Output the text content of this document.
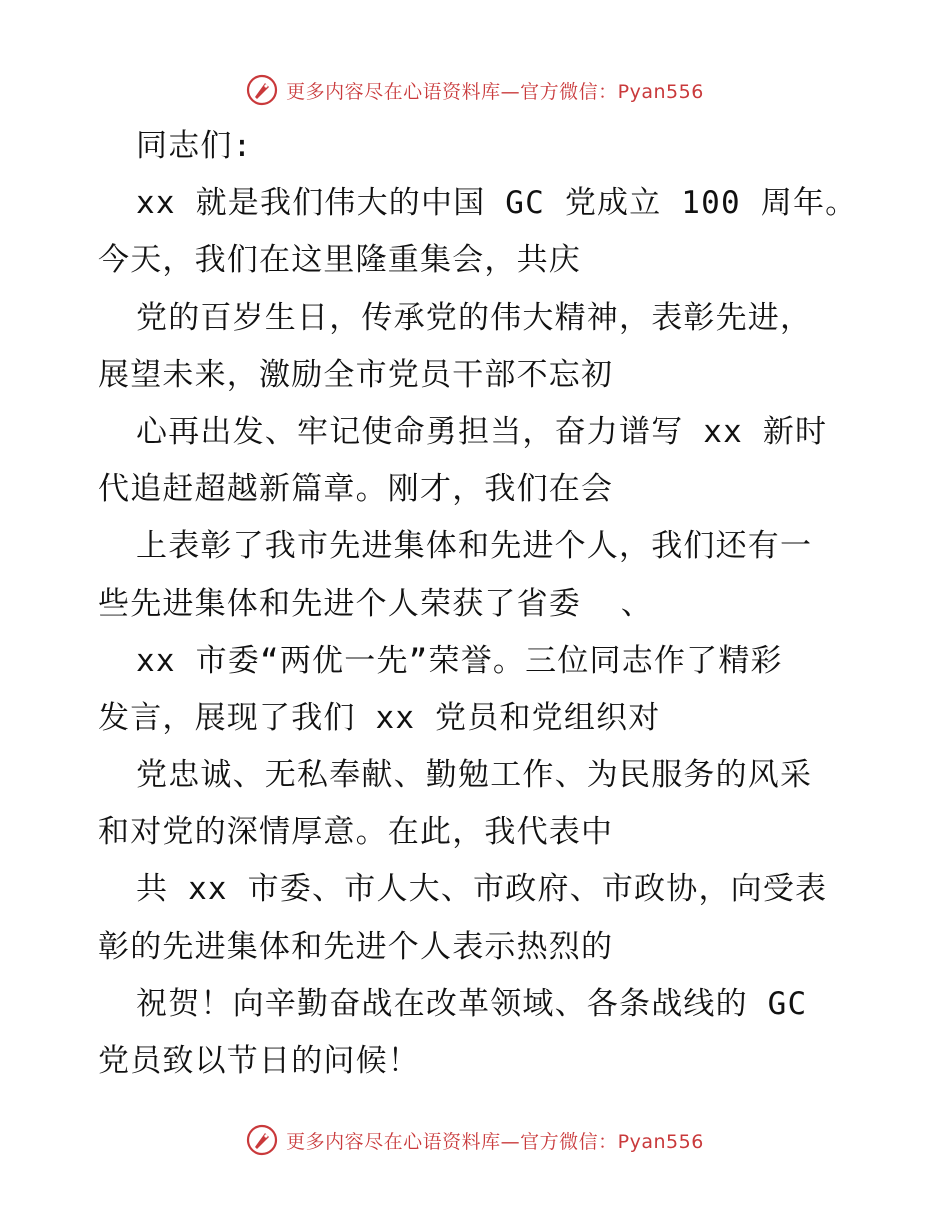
更多内容尽在心语资料库—官方微信：Pyan556
同志们:
xx 就是我们伟大的中国 GC 党成立 100 周年。
今天，我们在这里隆重集会，共庆
党的百岁生日，传承党的伟大精神，表彰先进，
展望未来，激励全市党员干部不忘初
心再出发、牢记使命勇担当，奋力谱写 xx 新时
代追赶超越新篇章。刚才，我们在会
上表彰了我市先进集体和先进个人，我们还有一
些先进集体和先进个人荣获了省委  、
xx 市委“两优一先”荣誉。三位同志作了精彩
发言，展现了我们 xx 党员和党组织对
党忠诚、无私奉献、勤勉工作、为民服务的风采
和对党的深情厚意。在此，我代表中
共 xx 市委、市人大、市政府、市政协，向受表
彰的先进集体和先进个人表示热烈的
祝贺！向辛勤奋战在改革领域、各条战线的 GC
党员致以节日的问候！
更多内容尽在心语资料库—官方微信：Pyan556
